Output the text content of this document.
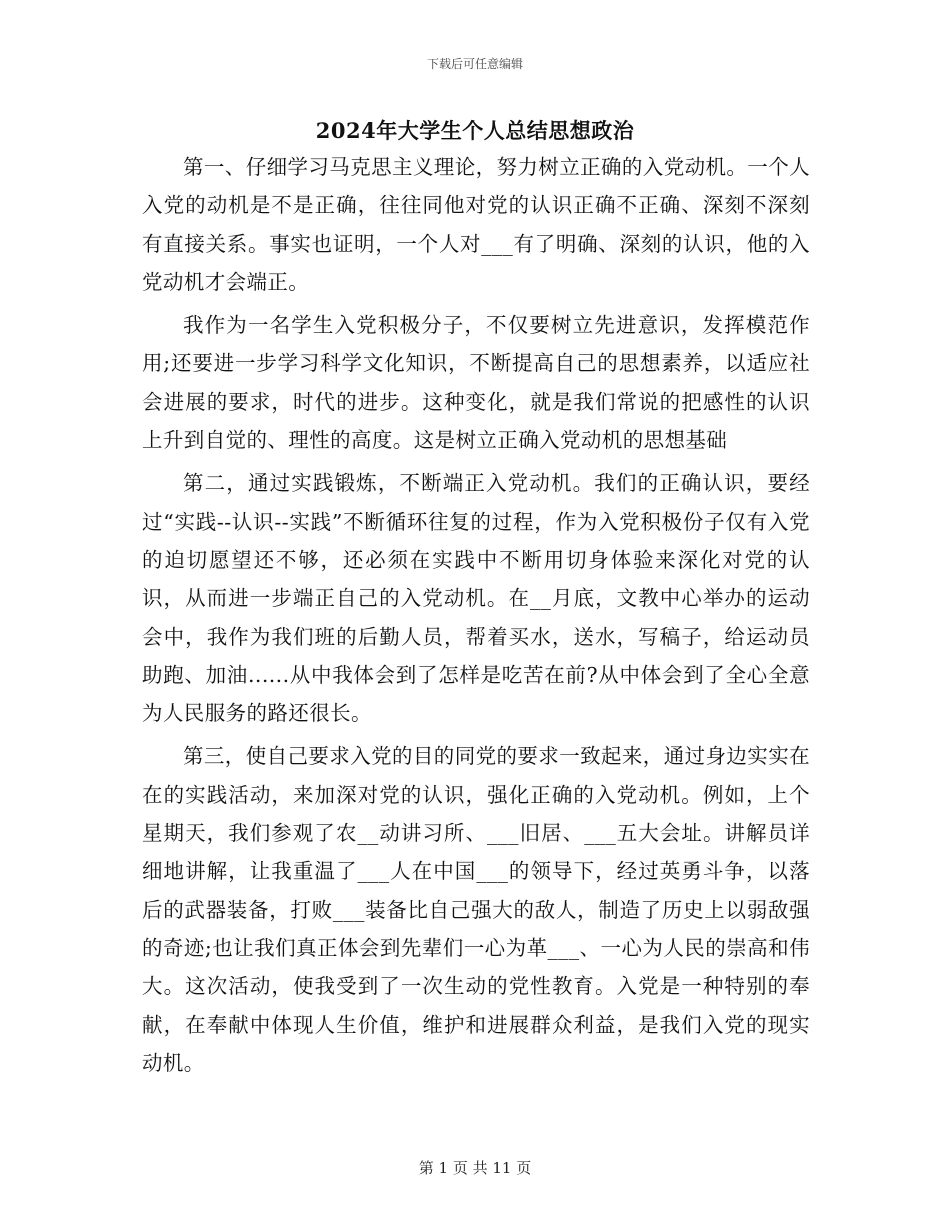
下载后可任意编辑
2024年大学生个人总结思想政治

第一、仔细学习马克思主义理论，努力树立正确的入党动机。一个人入党的动机是不是正确，往往同他对党的认识正确不正确、深刻不深刻有直接关系。事实也证明，一个人对___有了明确、深刻的认识，他的入党动机才会端正。

我作为一名学生入党积极分子，不仅要树立先进意识，发挥模范作用;还要进一步学习科学文化知识，不断提高自己的思想素养，以适应社会进展的要求，时代的进步。这种变化，就是我们常说的把感性的认识上升到自觉的、理性的高度。这是树立正确入党动机的思想基础

第二，通过实践锻炼，不断端正入党动机。我们的正确认识，要经过“实践--认识--实践”不断循环往复的过程，作为入党积极份子仅有入党的迫切愿望还不够，还必须在实践中不断用切身体验来深化对党的认识，从而进一步端正自己的入党动机。在__月底，文教中心举办的运动会中，我作为我们班的后勤人员，帮着买水，送水，写稿子，给运动员助跑、加油......从中我体会到了怎样是吃苦在前?从中体会到了全心全意为人民服务的路还很长。

第三，使自己要求入党的目的同党的要求一致起来，通过身边实实在在的实践活动，来加深对党的认识，强化正确的入党动机。例如，上个星期天，我们参观了农__动讲习所、___旧居、___五大会址。讲解员详细地讲解，让我重温了___人在中国___的领导下，经过英勇斗争，以落后的武器装备，打败___装备比自己强大的敌人，制造了历史上以弱敌强的奇迹;也让我们真正体会到先辈们一心为革___、一心为人民的崇高和伟大。这次活动，使我受到了一次生动的党性教育。入党是一种特别的奉献，在奉献中体现人生价值，维护和进展群众利益，是我们入党的现实动机。

第 1 页 共 11 页
